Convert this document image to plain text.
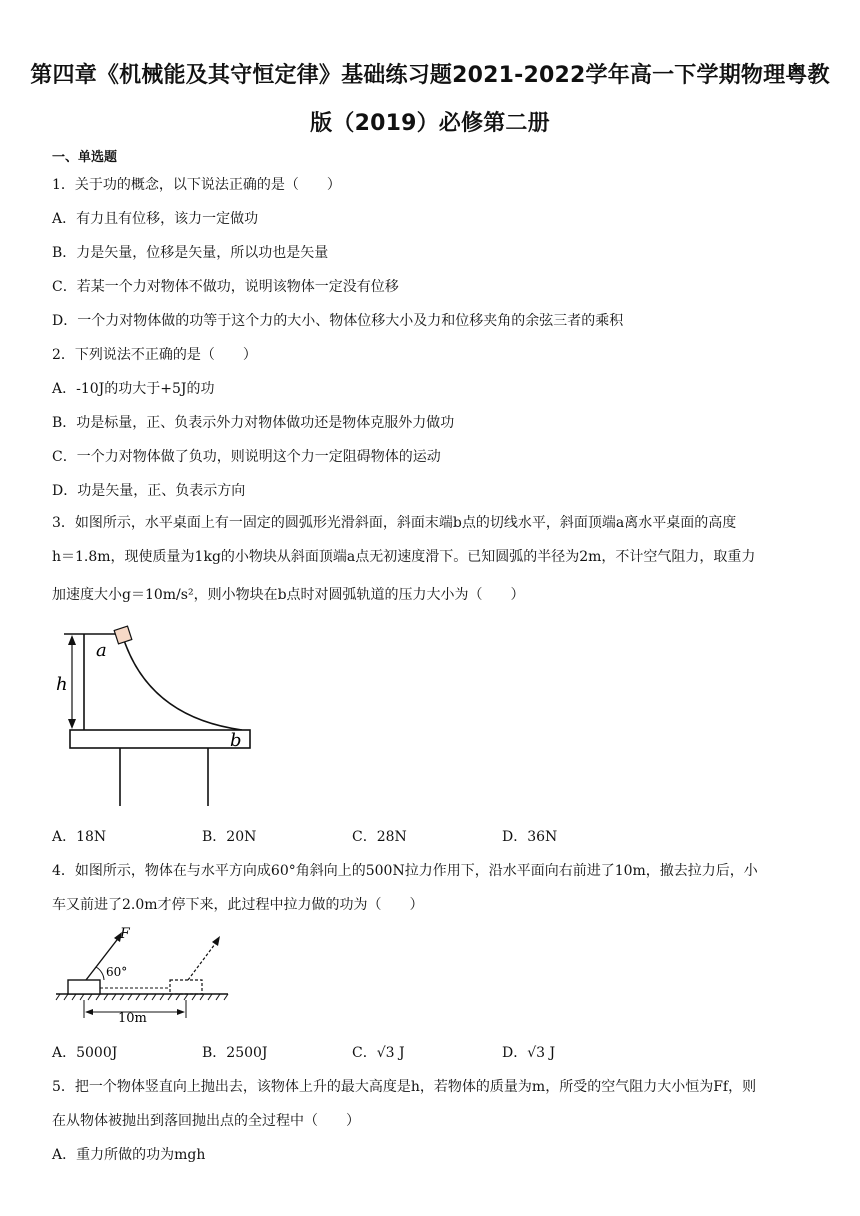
第四章《机械能及其守恒定律》基础练习题2021-2022学年高一下学期物理粤教
版（2019）必修第二册
一、单选题
1．关于功的概念，以下说法正确的是（　　）
A．有力且有位移，该力一定做功
B．力是矢量，位移是矢量，所以功也是矢量
C．若某一个力对物体不做功，说明该物体一定没有位移
D．一个力对物体做的功等于这个力的大小、物体位移大小及力和位移夹角的余弦三者的乘积
2．下列说法不正确的是（　　）
A．-10J的功大于+5J的功
B．功是标量，正、负表示外力对物体做功还是物体克服外力做功
C．一个力对物体做了负功，则说明这个力一定阻碍物体的运动
D．功是矢量，正、负表示方向
3．如图所示，水平桌面上有一固定的圆弧形光滑斜面，斜面末端b点的切线水平，斜面顶端a离水平桌面的高度
h＝1.8m，现使质量为1kg的小物块从斜面顶端a点无初速度滑下。已知圆弧的半径为2m，不计空气阻力，取重力
加速度大小g＝10m/s²，则小物块在b点时对圆弧轨道的压力大小为（　　）
a
h
b
A．18N	B．20N	C．28N	D．36N
4．如图所示，物体在与水平方向成60°角斜向上的500N拉力作用下，沿水平面向右前进了10m，撤去拉力后，小
车又前进了2.0m才停下来，此过程中拉力做的功为（　　）
F
60°
10m
A．5000J	B．2500J	C．√3 J	D．√3 J
5．把一个物体竖直向上抛出去，该物体上升的最大高度是h，若物体的质量为m，所受的空气阻力大小恒为Ff，则
在从物体被抛出到落回抛出点的全过程中（　　）
A．重力所做的功为mgh
